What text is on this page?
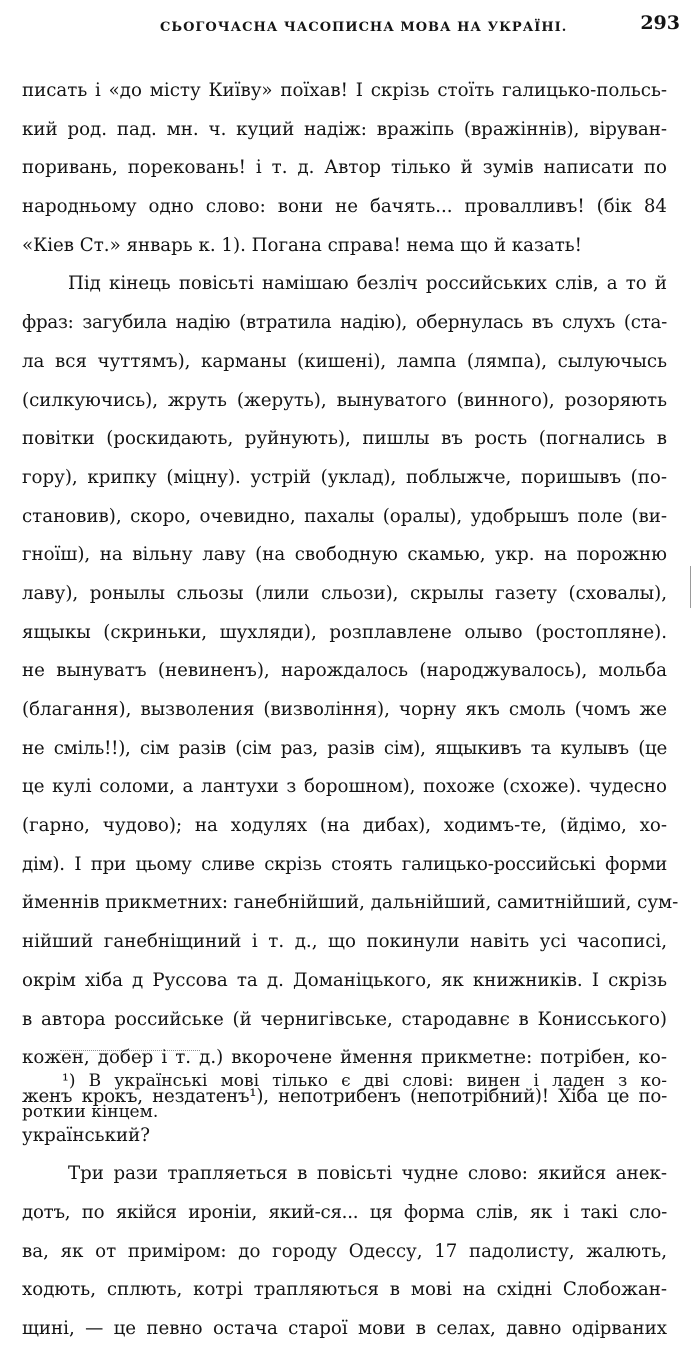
СЬОГОЧАСНА ЧАСОПИСНА МОВА НА УКРАЇНІ.	293
писать і «до місту Київу» поїхав! І скрізь стоїть галицько-польсь-
кий род. пад. мн. ч. куций надіж: вражіпь (вражіннів), віруван-
поривань, порековань! і т. д. Автор тілько й зумів написати по
народньому одно слово: вони не бачять... провалливъ! (бік 84
«Кіев Ст.» январь к. 1). Погана справа! нема що й казать!
Під кінець повісьті намішаю безліч российських слів, а то й
фраз: загубила надію (втратила надію), обернулась въ слухъ (ста-
ла вся чуттямъ), карманы (кишені), лампа (лямпа), сылуючысь
(силкуючись), жруть (жеруть), вынуватого (винного), розоряють
повітки (роскидають, руйнують), пишлы въ рость (погнались в
гору), крипку (міцну). устрій (уклад), поблыжче, поришывъ (по-
становив), скоро, очевидно, пахалы (оралы), удобрышъ поле (ви-
гноїш), на вільну лаву (на свободную скамью, укр. на порожню
лаву), ронылы сльозы (лили сльози), скрылы газету (сховалы),
ящыкы (скриньки, шухляди), розплавлене олыво (ростопляне).
не вынуватъ (невиненъ), нарождалось (народжувалось), мольба
(благання), вызволения (визвоління), чорну якъ смоль (чомъ же
не сміль!!), сім разів (сім раз, разів сім), ящыкивъ та кулывъ (це
це кулі соломи, а лантухи з борошном), похоже (схоже). чудесно
(гарно, чудово); на ходулях (на дибах), ходимъ-те, (йдімо, хо-
дім). І при цьому сливе скрізь стоять галицько-российські форми
йменнів прикметних: ганебнійший, дальнійший, самитнійший, сум-
нійший ганебніщиний і т. д., що покинули навіть усі часописі,
окрім хіба д Руссова та д. Доманіцького, як книжників. І скрізь
в автора российське (й чернигівське, стародавнє в Конисського)
кожен, добер і т. д.) вкорочене ймення прикметне: потрібен, ко-
женъ крокъ, нездатенъ¹), непотрибенъ (непотрібний)! Хіба це по-
український?
Три рази трапляеться в повісьті чудне слово: якийся анек-
дотъ, по якійся ироніи, який-ся... ця форма слів, як і такі сло-
ва, як от примірoм: до городу Одессу, 17 падолисту, жалють,
ходють, сплють, котрі трапляються в мові на східні Слобожан-
щині, — це певно остача старої мови в селах, давно одірваних
¹) В українські мові тілько є дві слові: винен і ладен з ко-
роткии кінцем.
